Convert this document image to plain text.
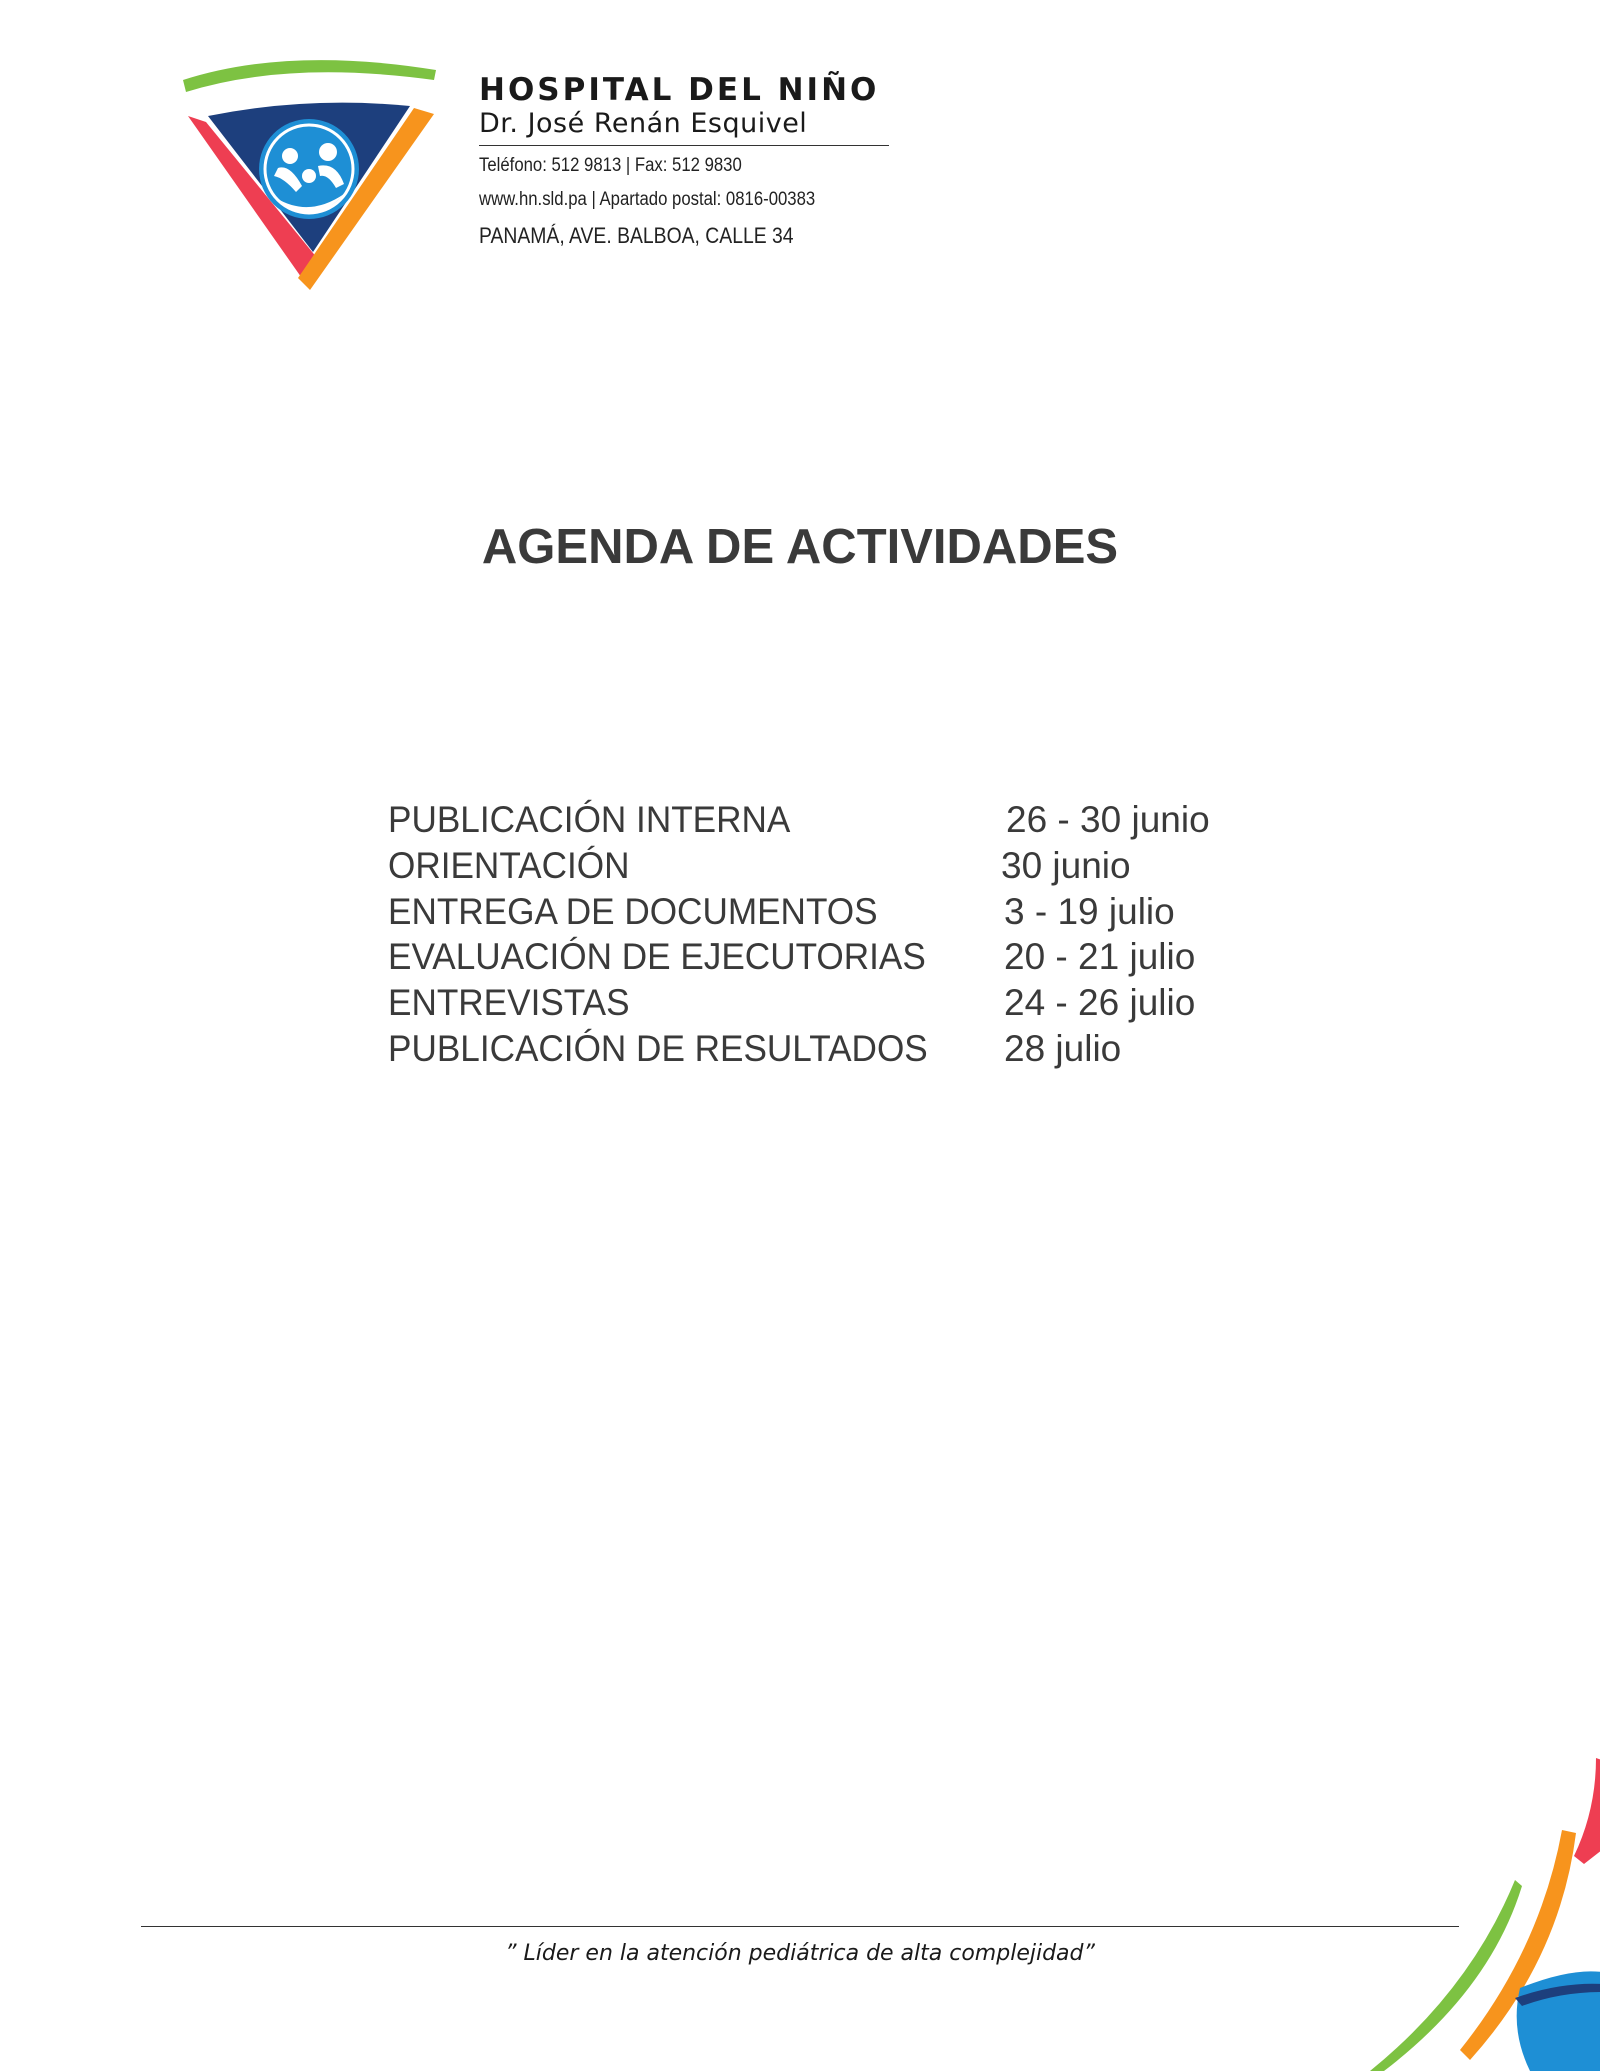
HOSPITAL DEL NIÑO
Dr. José Renán Esquivel
Teléfono: 512 9813 | Fax: 512 9830
www.hn.sld.pa | Apartado postal: 0816-00383
PANAMÁ, AVE. BALBOA, CALLE 34
AGENDA DE ACTIVIDADES
PUBLICACIÓN INTERNA	26 - 30 junio
ORIENTACIÓN	30 junio
ENTREGA DE DOCUMENTOS	3 - 19 julio
EVALUACIÓN DE EJECUTORIAS 20 - 21 julio
ENTREVISTAS	24 - 26 julio
PUBLICACIÓN DE RESULTADOS 28 julio
” Líder en la atención pediátrica de alta complejidad”
